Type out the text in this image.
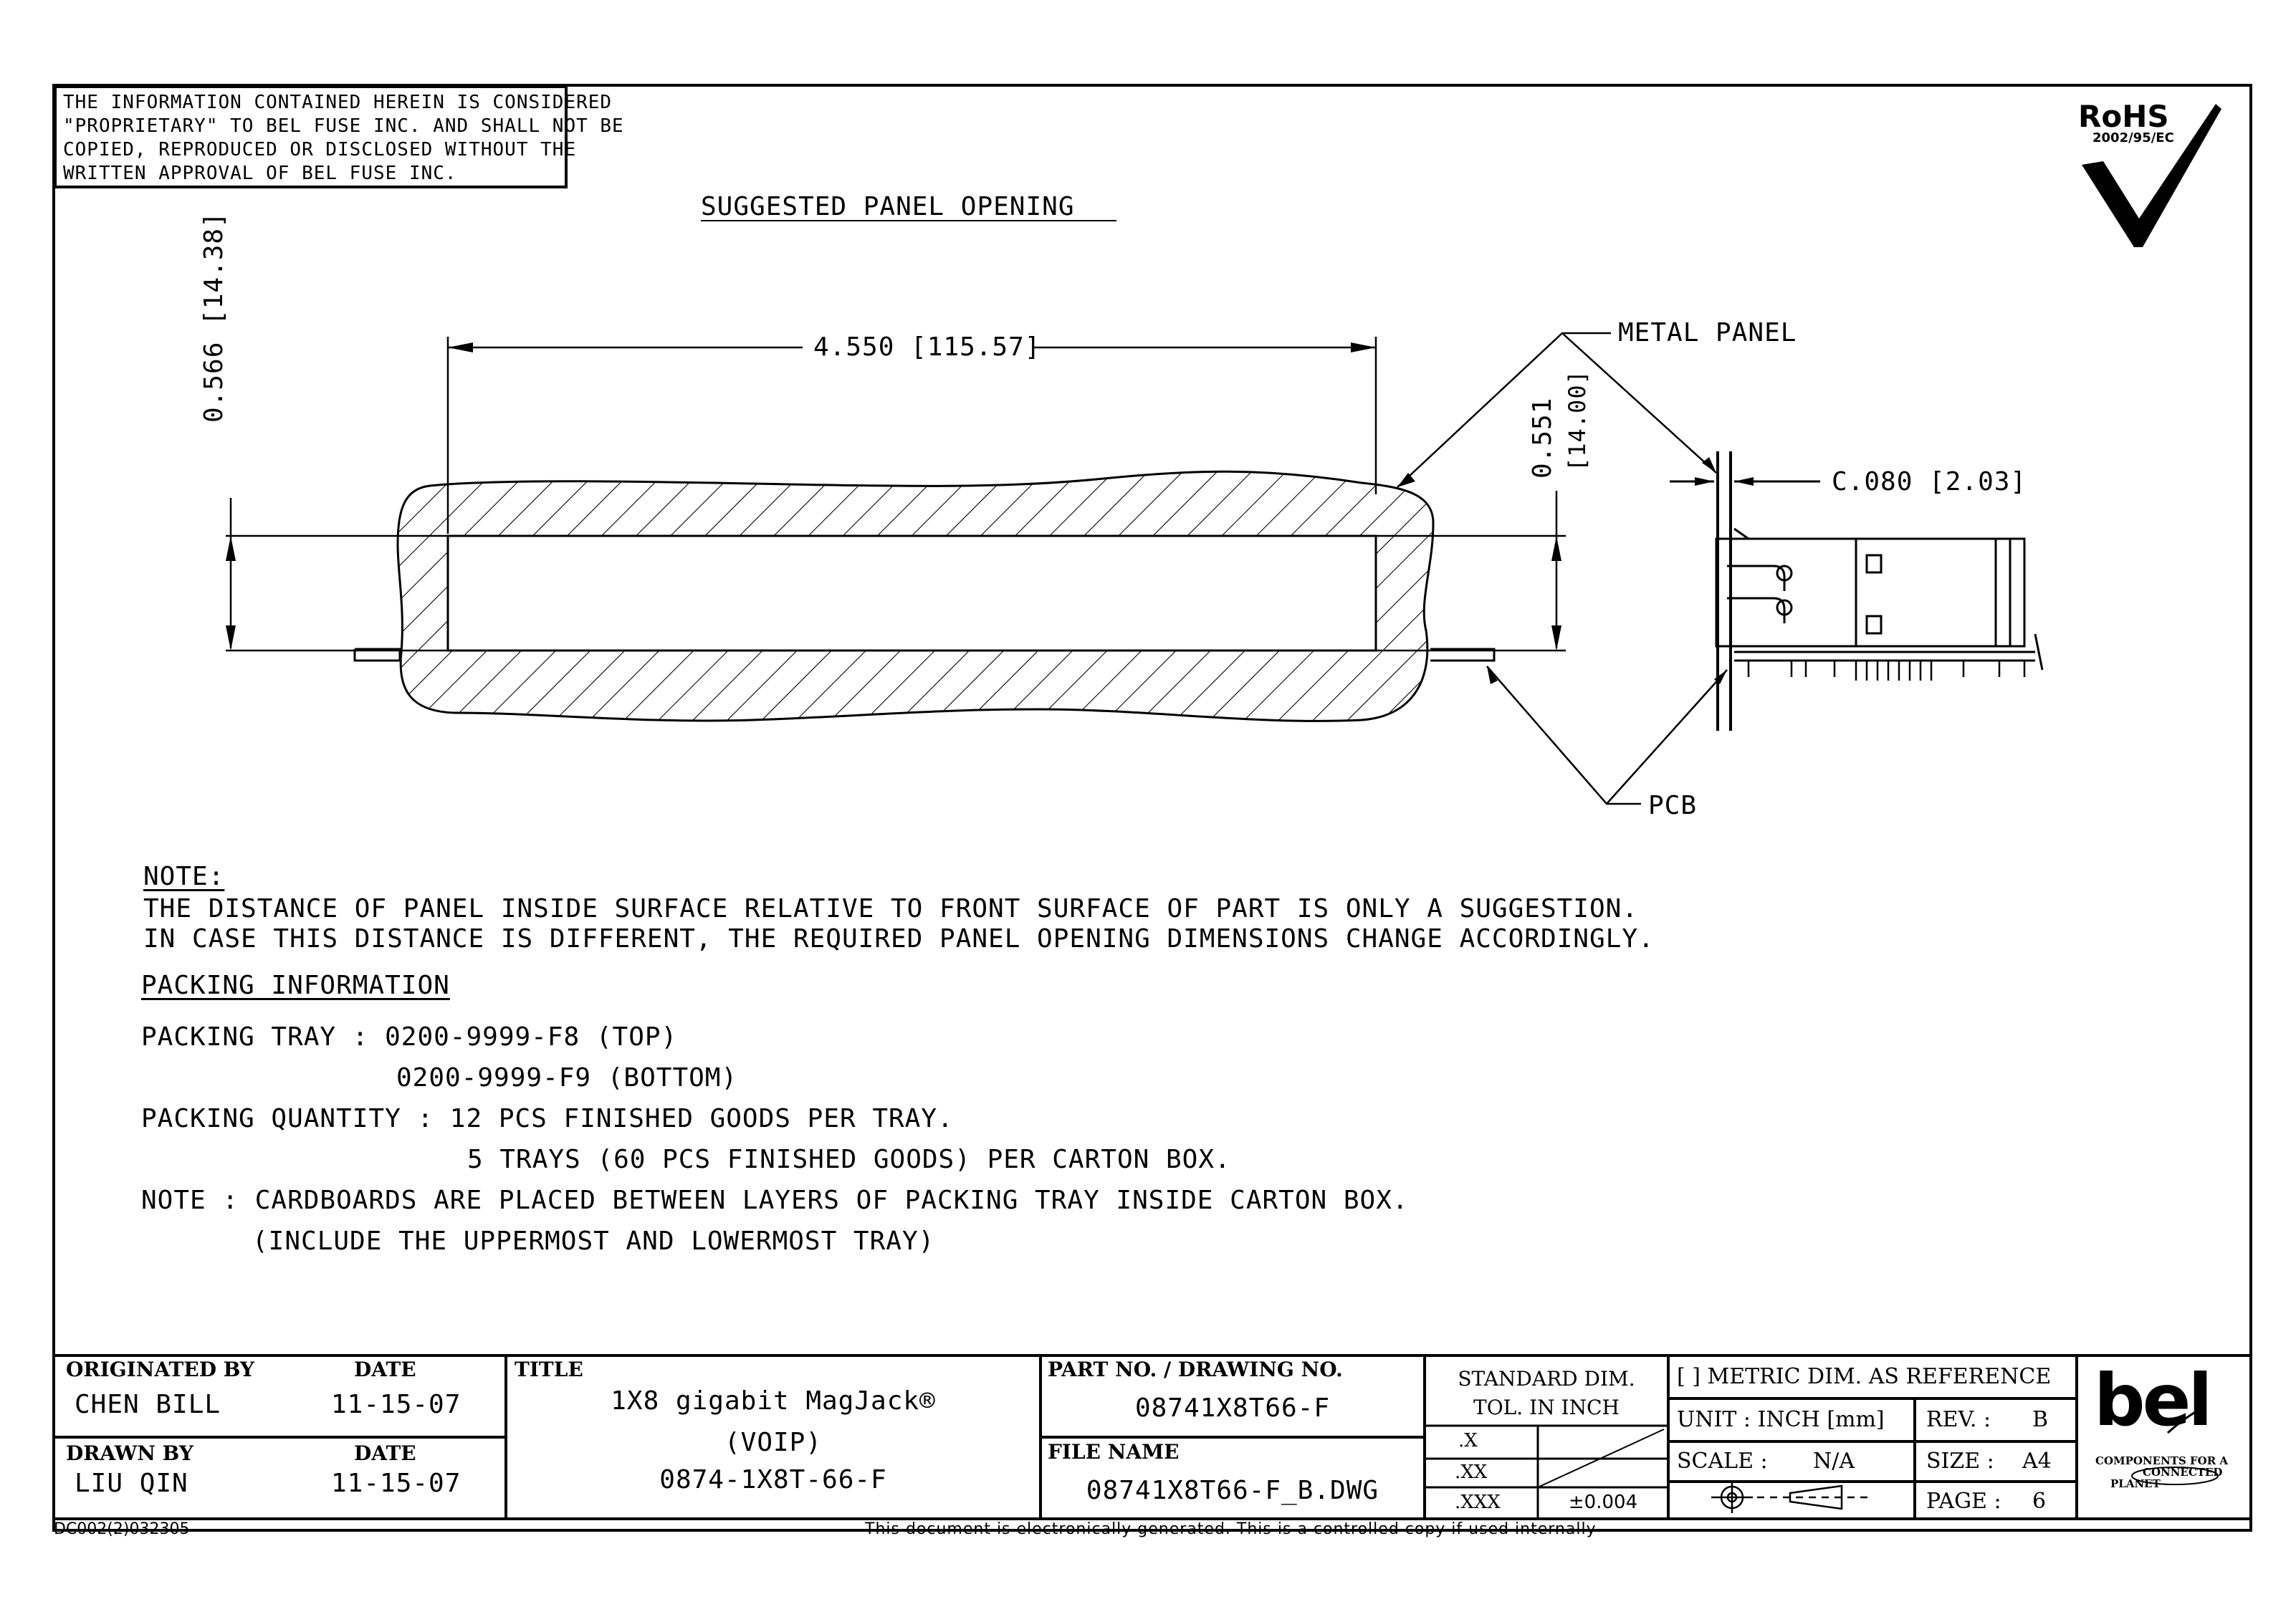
THE INFORMATION CONTAINED HEREIN IS CONSIDERED
"PROPRIETARY" TO BEL FUSE INC. AND SHALL NOT BE
COPIED, REPRODUCED OR DISCLOSED WITHOUT THE
WRITTEN APPROVAL OF BEL FUSE INC.
RoHS
2002/95/EC
SUGGESTED PANEL OPENING
4.550 [115.57]
0.566 [14.38]
0.551 [14.00]
C.080 [2.03]
METAL PANEL
PCB
NOTE:
THE DISTANCE OF PANEL INSIDE SURFACE RELATIVE TO FRONT SURFACE OF PART IS ONLY A SUGGESTION.
IN CASE THIS DISTANCE IS DIFFERENT, THE REQUIRED PANEL OPENING DIMENSIONS CHANGE ACCORDINGLY.
PACKING INFORMATION
PACKING TRAY : 0200-9999-F8 (TOP)
0200-9999-F9 (BOTTOM)
PACKING QUANTITY : 12 PCS FINISHED GOODS PER TRAY.
5 TRAYS (60 PCS FINISHED GOODS) PER CARTON BOX.
NOTE : CARDBOARDS ARE PLACED BETWEEN LAYERS OF PACKING TRAY INSIDE CARTON BOX.
(INCLUDE THE UPPERMOST AND LOWERMOST TRAY)
ORIGINATED BY	DATE
CHEN BILL	11-15-07
DRAWN BY	DATE
LIU QIN	11-15-07
TITLE
1X8 gigabit MagJack®
(VOIP)
0874-1X8T-66-F
PART NO. / DRAWING NO.
08741X8T66-F
FILE NAME
08741X8T66-F_B.DWG
STANDARD DIM.
TOL. IN INCH
.X
.XX
.XXX	±0.004
[ ] METRIC DIM. AS REFERENCE
UNIT : INCH [mm] REV. : B
SCALE : N/A	SIZE : A4
PAGE : 6
bel
COMPONENTS FOR A
CONNECTED
PLANET
DC002(2)032305	This document is electronically generated. This is a controlled copy if used internally
